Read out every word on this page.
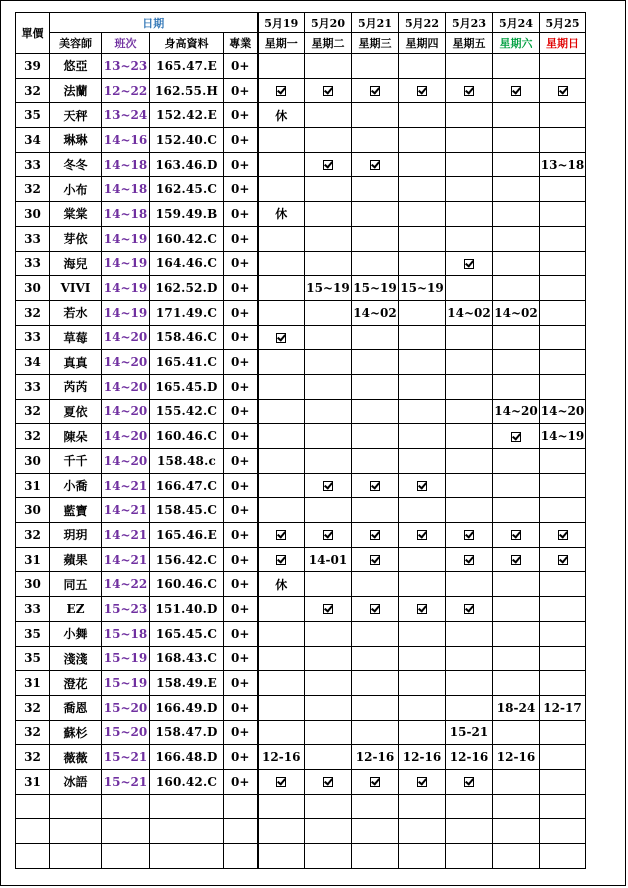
單價	日期				5月19	5月20	5月21	5月22	5月23	5月24	5月25
	美容師	班次	身高資料	專業	星期一	星期二	星期三	星期四	星期五	星期六	星期日
39	悠亞	13~23	165.47.E	0+							
32	法蘭	12~22	162.55.H	0+							
35	天秤	13~24	152.42.E	0+	休						
34	琳琳	14~16	152.40.C	0+							
33	冬冬	14~18	163.46.D	0+							13~18
32	小布	14~18	162.45.C	0+							
30	棠棠	14~18	159.49.B	0+	休						
33	芽依	14~19	160.42.C	0+							
33	海兒	14~19	164.46.C	0+							
30	VIVI	14~19	162.52.D	0+		15~19	15~19	15~19			
32	若水	14~19	171.49.C	0+			14~02		14~02	14~02	
33	草莓	14~20	158.46.C	0+							
34	真真	14~20	165.41.C	0+							
33	芮芮	14~20	165.45.D	0+							
32	夏依	14~20	155.42.C	0+						14~20	14~20
32	陳朵	14~20	160.46.C	0+							14~19
30	千千	14~20	158.48.c	0+							
31	小喬	14~21	166.47.C	0+							
30	藍寶	14~21	158.45.C	0+							
32	玥玥	14~21	165.46.E	0+							
31	蘋果	14~21	156.42.C	0+		14-01					
30	同五	14~22	160.46.C	0+	休						
33	EZ	15~23	151.40.D	0+							
35	小舞	15~18	165.45.C	0+							
35	淺淺	15~19	168.43.C	0+							
31	澄花	15~19	158.49.E	0+							
32	喬恩	15~20	166.49.D	0+						18-24	12-17
32	蘇杉	15~20	158.47.D	0+					15-21		
32	薇薇	15~21	166.48.D	0+	12-16		12-16	12-16	12-16	12-16	
31	冰語	15~21	160.42.C	0+							
